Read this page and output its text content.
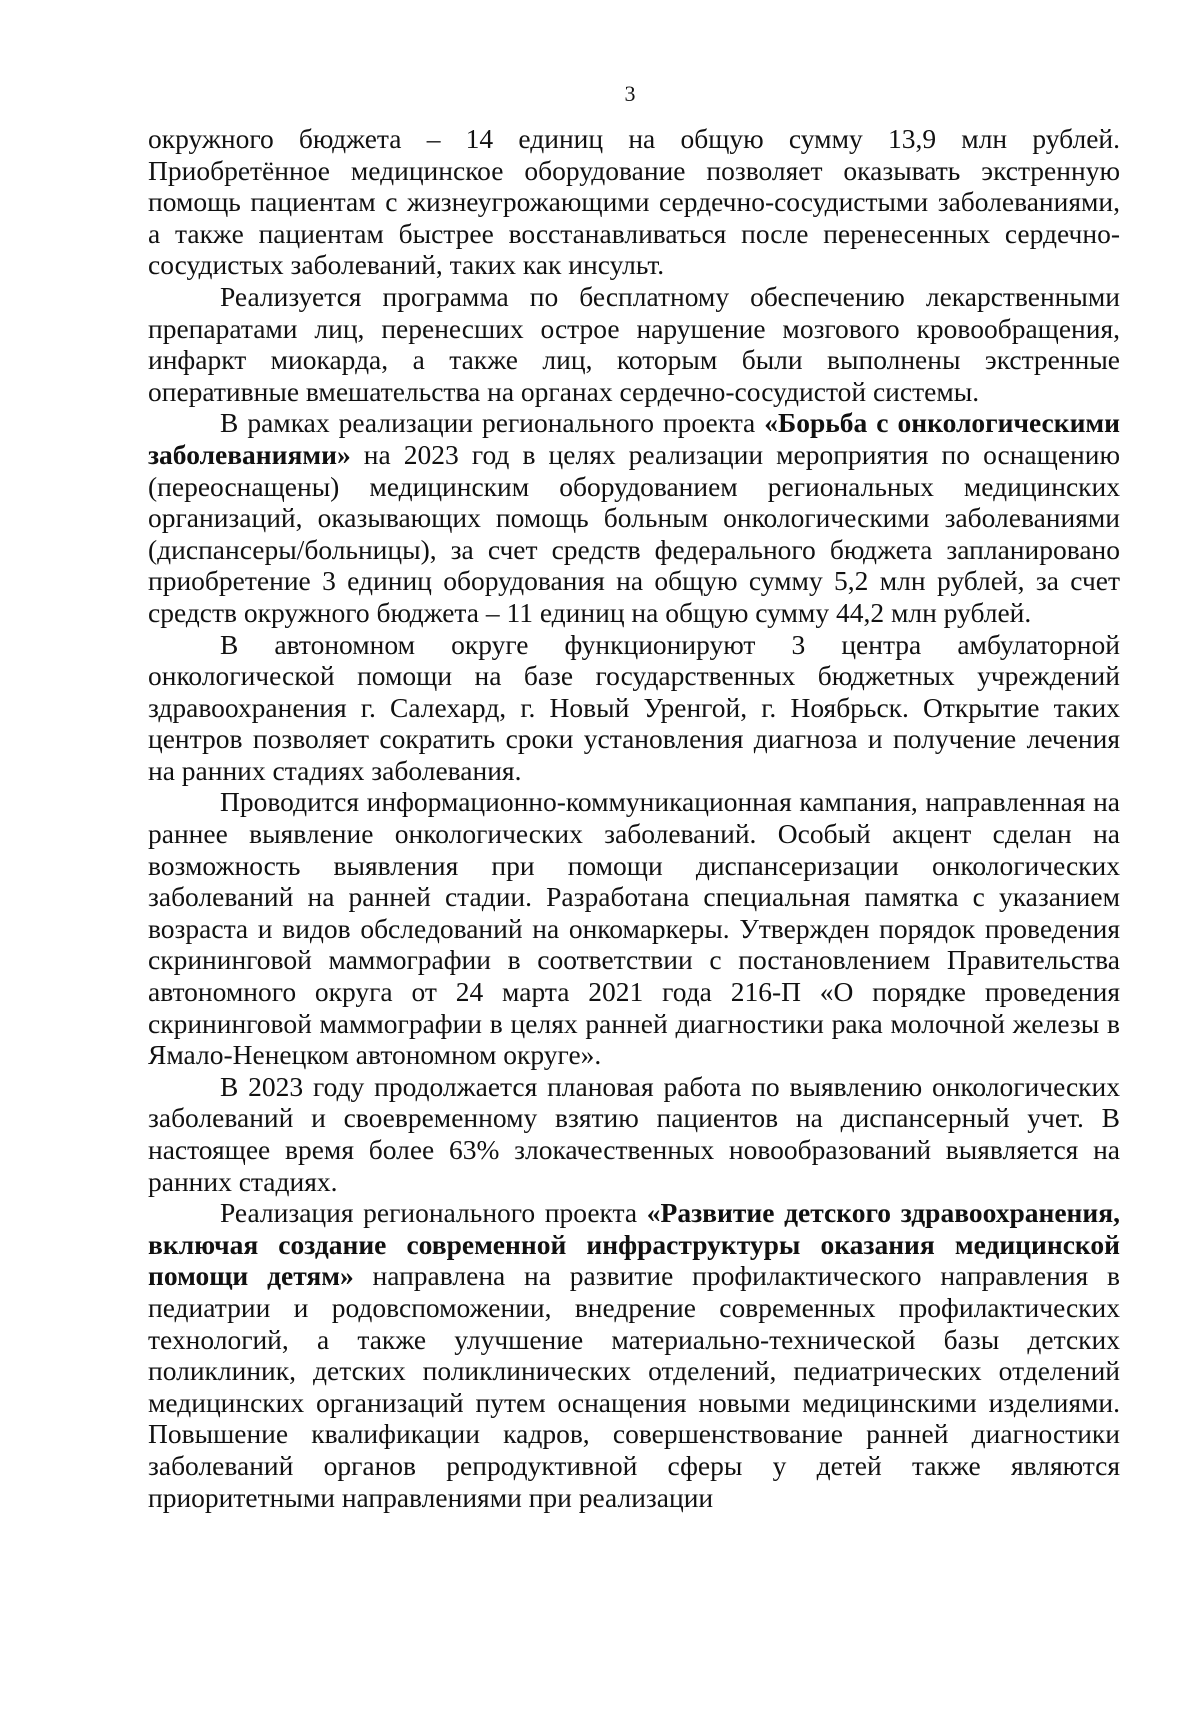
3

окружного бюджета – 14 единиц на общую сумму 13,9 млн рублей. Приобретённое медицинское оборудование позволяет оказывать экстренную помощь пациентам с жизнеугрожающими сердечно-сосудистыми заболеваниями, а также пациентам быстрее восстанавливаться после перенесенных сердечно-сосудистых заболеваний, таких как инсульт.

Реализуется программа по бесплатному обеспечению лекарственными препаратами лиц, перенесших острое нарушение мозгового кровообращения, инфаркт миокарда, а также лиц, которым были выполнены экстренные оперативные вмешательства на органах сердечно-сосудистой системы.

В рамках реализации регионального проекта «Борьба с онкологическими заболеваниями» на 2023 год в целях реализации мероприятия по оснащению (переоснащены) медицинским оборудованием региональных медицинских организаций, оказывающих помощь больным онкологическими заболеваниями (диспансеры/больницы), за счет средств федерального бюджета запланировано приобретение 3 единиц оборудования на общую сумму 5,2 млн рублей, за счет средств окружного бюджета – 11 единиц на общую сумму 44,2 млн рублей.

В автономном округе функционируют 3 центра амбулаторной онкологической помощи на базе государственных бюджетных учреждений здравоохранения г. Салехард, г. Новый Уренгой, г. Ноябрьск. Открытие таких центров позволяет сократить сроки установления диагноза и получение лечения на ранних стадиях заболевания.

Проводится информационно-коммуникационная кампания, направленная на раннее выявление онкологических заболеваний. Особый акцент сделан на возможность выявления при помощи диспансеризации онкологических заболеваний на ранней стадии. Разработана специальная памятка с указанием возраста и видов обследований на онкомаркеры. Утвержден порядок проведения скрининговой маммографии в соответствии с постановлением Правительства автономного округа от 24 марта 2021 года 216-П «О порядке проведения скрининговой маммографии в целях ранней диагностики рака молочной железы в Ямало-Ненецком автономном округе».

В 2023 году продолжается плановая работа по выявлению онкологических заболеваний и своевременному взятию пациентов на диспансерный учет. В настоящее время более 63% злокачественных новообразований выявляется на ранних стадиях.

Реализация регионального проекта «Развитие детского здравоохранения, включая создание современной инфраструктуры оказания медицинской помощи детям» направлена на развитие профилактического направления в педиатрии и родовспоможении, внедрение современных профилактических технологий, а также улучшение материально-технической базы детских поликлиник, детских поликлинических отделений, педиатрических отделений медицинских организаций путем оснащения новыми медицинскими изделиями. Повышение квалификации кадров, совершенствование ранней диагностики заболеваний органов репродуктивной сферы у детей также являются приоритетными направлениями при реализации
